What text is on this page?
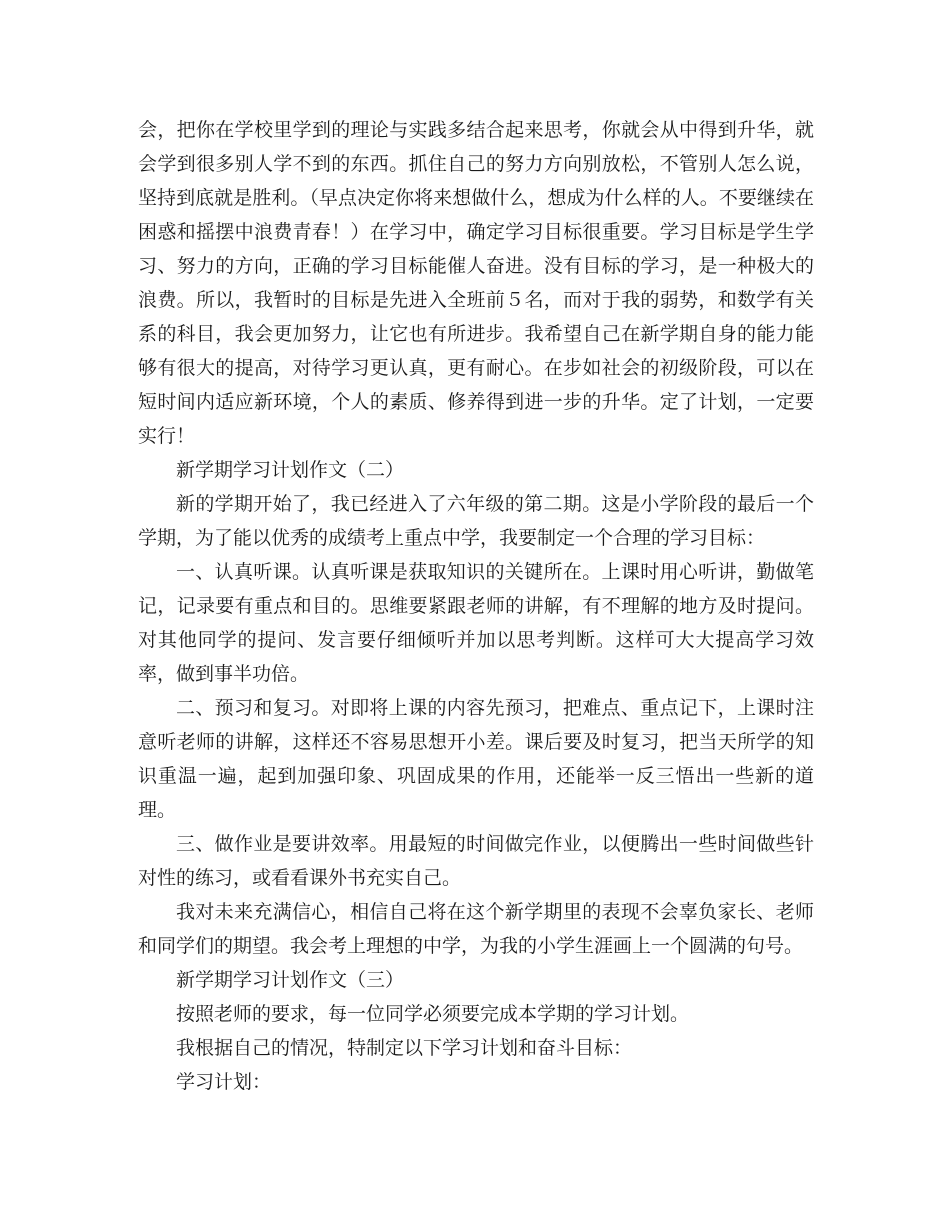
会，把你在学校里学到的理论与实践多结合起来思考，你就会从中得到升华，就会学到很多别人学不到的东西。抓住自己的努力方向别放松，不管别人怎么说，坚持到底就是胜利。（早点决定你将来想做什么，想成为什么样的人。不要继续在困惑和摇摆中浪费青春！）在学习中，确定学习目标很重要。学习目标是学生学习、努力的方向，正确的学习目标能催人奋进。没有目标的学习，是一种极大的浪费。所以，我暂时的目标是先进入全班前５名，而对于我的弱势，和数学有关系的科目，我会更加努力，让它也有所进步。我希望自己在新学期自身的能力能够有很大的提高，对待学习更认真，更有耐心。在步如社会的初级阶段，可以在短时间内适应新环境，个人的素质、修养得到进一步的升华。定了计划，一定要实行！

新学期学习计划作文（二）

新的学期开始了，我已经进入了六年级的第二期。这是小学阶段的最后一个学期，为了能以优秀的成绩考上重点中学，我要制定一个合理的学习目标：

一、认真听课。认真听课是获取知识的关键所在。上课时用心听讲，勤做笔记，记录要有重点和目的。思维要紧跟老师的讲解，有不理解的地方及时提问。对其他同学的提问、发言要仔细倾听并加以思考判断。这样可大大提高学习效率，做到事半功倍。

二、预习和复习。对即将上课的内容先预习，把难点、重点记下，上课时注意听老师的讲解，这样还不容易思想开小差。课后要及时复习，把当天所学的知识重温一遍，起到加强印象、巩固成果的作用，还能举一反三悟出一些新的道理。

三、做作业是要讲效率。用最短的时间做完作业，以便腾出一些时间做些针对性的练习，或看看课外书充实自己。

我对未来充满信心，相信自己将在这个新学期里的表现不会辜负家长、老师和同学们的期望。我会考上理想的中学，为我的小学生涯画上一个圆满的句号。

新学期学习计划作文（三）

按照老师的要求，每一位同学必须要完成本学期的学习计划。

我根据自己的情况，特制定以下学习计划和奋斗目标：

学习计划：
